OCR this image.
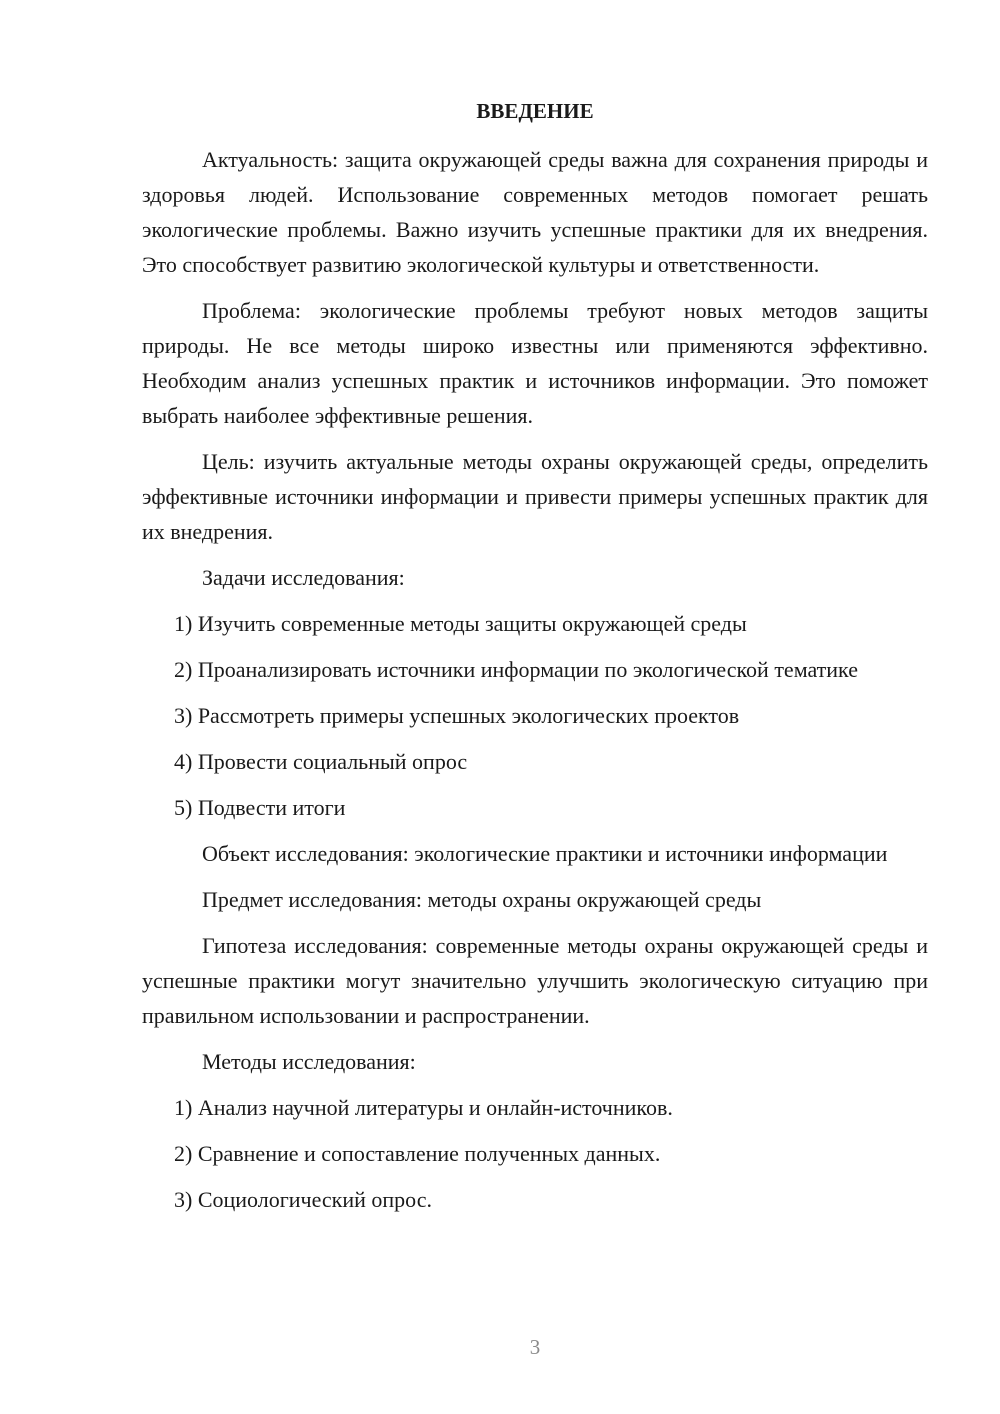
ВВЕДЕНИЕ

Актуальность: защита окружающей среды важна для сохранения природы и здоровья людей. Использование современных методов помогает решать экологические проблемы. Важно изучить успешные практики для их внедрения. Это способствует развитию экологической культуры и ответственности.

Проблема: экологические проблемы требуют новых методов защиты природы. Не все методы широко известны или применяются эффективно. Необходим анализ успешных практик и источников информации. Это поможет выбрать наиболее эффективные решения.

Цель: изучить актуальные методы охраны окружающей среды, определить эффективные источники информации и привести примеры успешных практик для их внедрения.

Задачи исследования:

1) Изучить современные методы защиты окружающей среды

2) Проанализировать источники информации по экологической тематике

3) Рассмотреть примеры успешных экологических проектов

4) Провести социальный опрос

5) Подвести итоги

Объект исследования: экологические практики и источники информации

Предмет исследования: методы охраны окружающей среды

Гипотеза исследования: современные методы охраны окружающей среды и успешные практики могут значительно улучшить экологическую ситуацию при правильном использовании и распространении.

Методы исследования:

1) Анализ научной литературы и онлайн-источников.

2) Сравнение и сопоставление полученных данных.

3) Социологический опрос.

3
